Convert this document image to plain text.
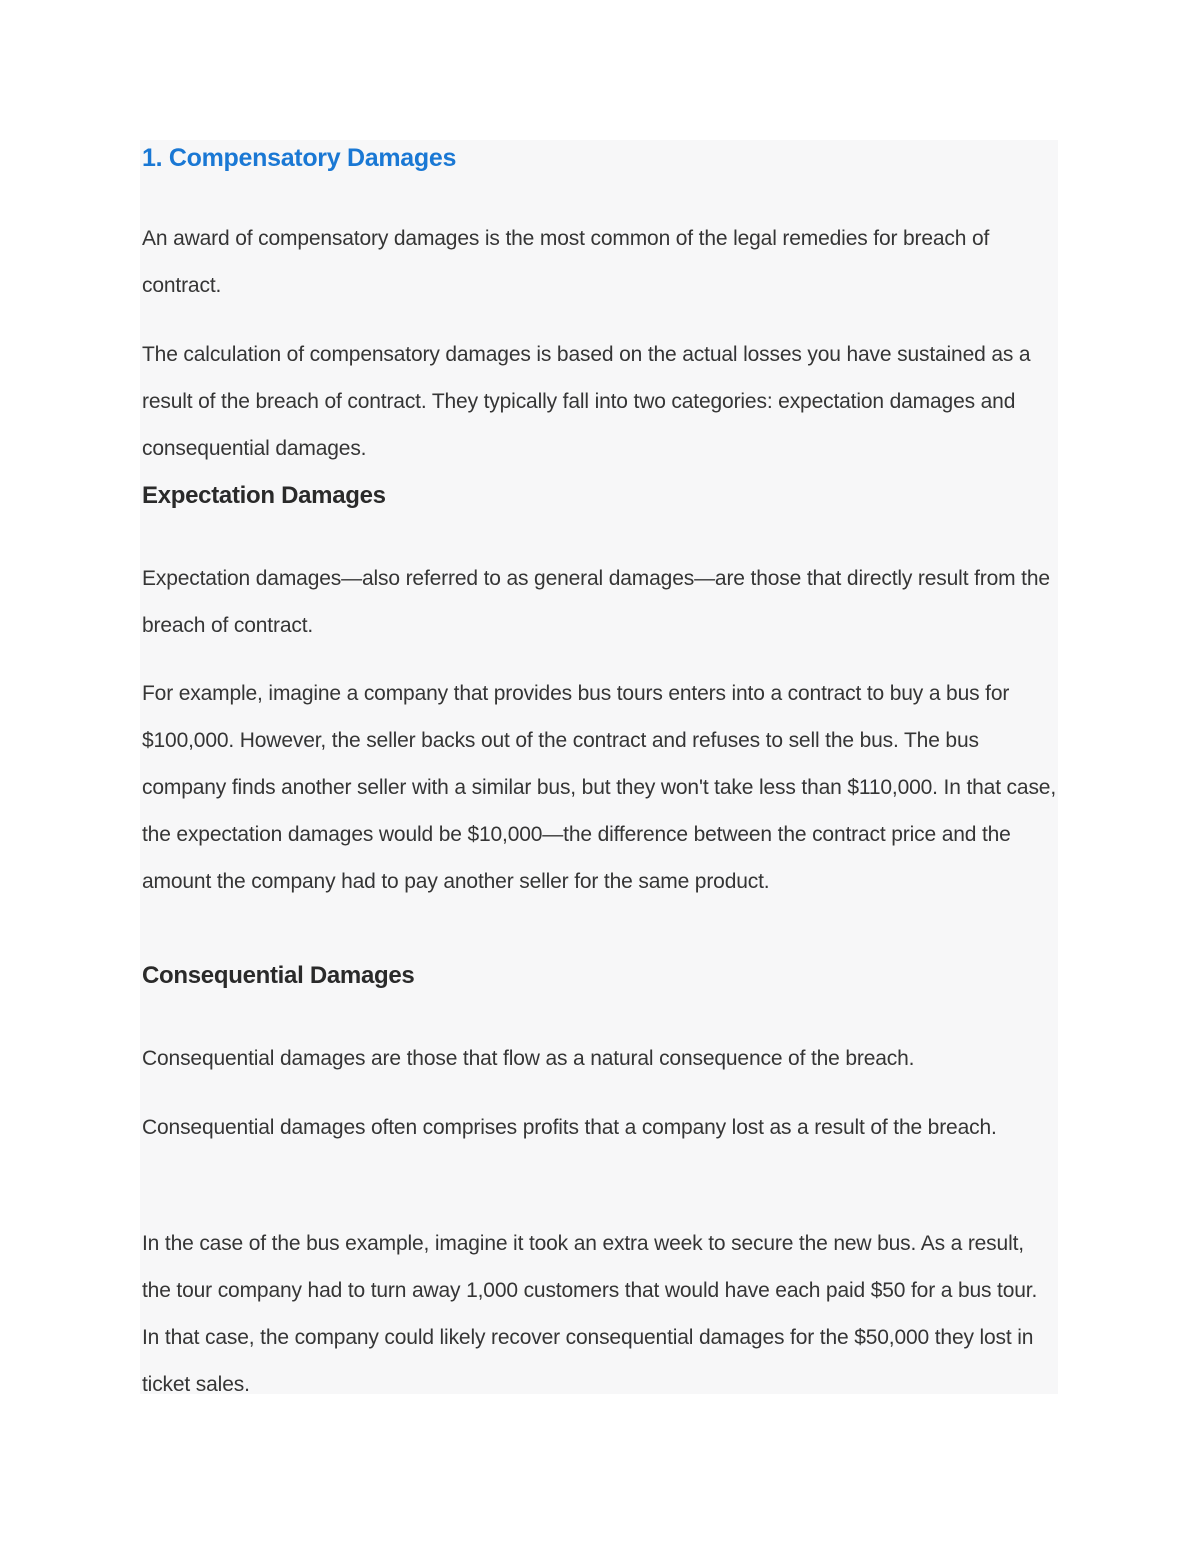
1. Compensatory Damages

An award of compensatory damages is the most common of the legal remedies for breach of contract.

The calculation of compensatory damages is based on the actual losses you have sustained as a result of the breach of contract. They typically fall into two categories: expectation damages and consequential damages.

Expectation Damages

Expectation damages—also referred to as general damages—are those that directly result from the breach of contract.

For example, imagine a company that provides bus tours enters into a contract to buy a bus for $100,000. However, the seller backs out of the contract and refuses to sell the bus. The bus company finds another seller with a similar bus, but they won't take less than $110,000. In that case, the expectation damages would be $10,000—the difference between the contract price and the amount the company had to pay another seller for the same product.

Consequential Damages

Consequential damages are those that flow as a natural consequence of the breach.

Consequential damages often comprises profits that a company lost as a result of the breach.

In the case of the bus example, imagine it took an extra week to secure the new bus. As a result, the tour company had to turn away 1,000 customers that would have each paid $50 for a bus tour. In that case, the company could likely recover consequential damages for the $50,000 they lost in ticket sales.
